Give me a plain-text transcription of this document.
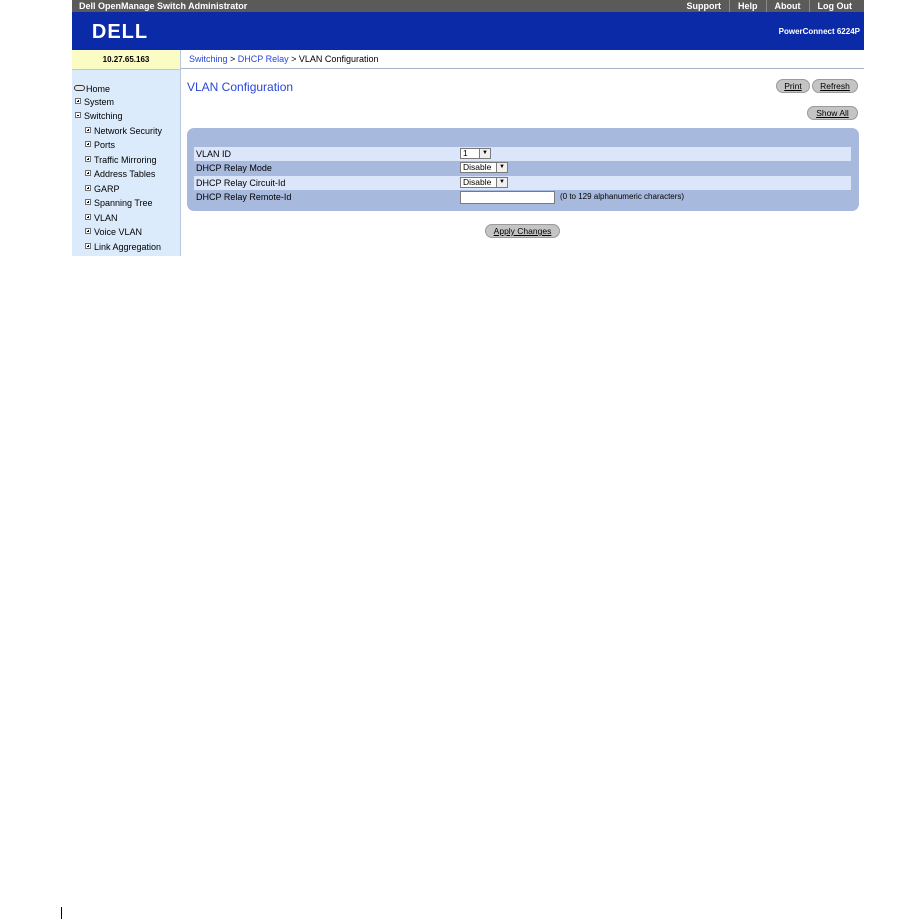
Dell OpenManage Switch Administrator	Support	Help	About	Log Out
DELL	PowerConnect 6224P
10.27.65.163	Switching > DHCP Relay > VLAN Configuration
Home
System
Switching
Network Security
Ports
Traffic Mirroring
Address Tables
GARP
Spanning Tree
VLAN
Voice VLAN
Link Aggregation
VLAN Configuration	Print	Refresh
Show All
VLAN ID	1	▼
DHCP Relay Mode	Disable	▼
DHCP Relay Circuit-Id	Disable	▼
DHCP Relay Remote-Id	(0 to 129 alphanumeric characters)
Apply Changes
